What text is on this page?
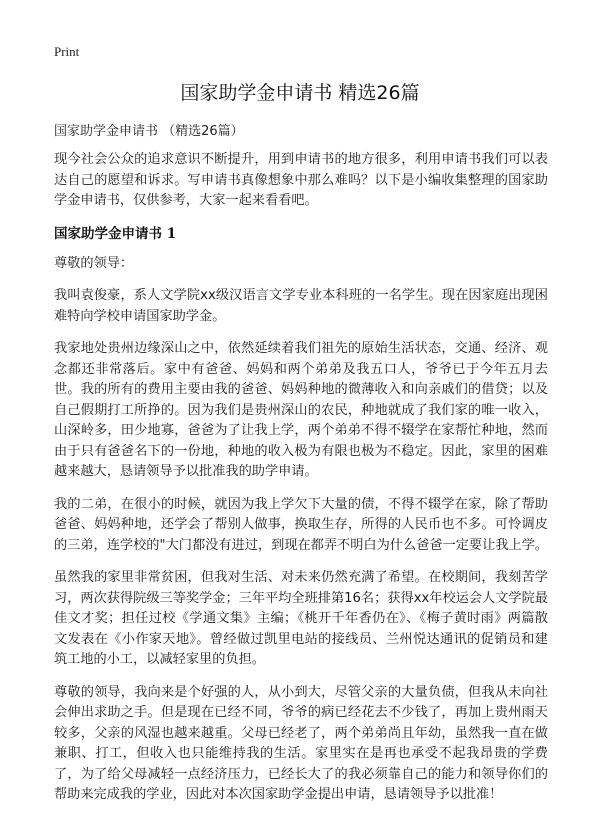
Print
国家助学金申请书 精选26篇
国家助学金申请书 （精选26篇）

现今社会公众的追求意识不断提升，用到申请书的地方很多，利用申请书我们可以表达自己的愿望和诉求。写申请书真像想象中那么难吗？以下是小编收集整理的国家助学金申请书，仅供参考，大家一起来看看吧。

国家助学金申请书 1

尊敬的领导：

我叫袁俊豪，系人文学院xx级汉语言文学专业本科班的一名学生。现在因家庭出现困难特向学校申请国家助学金。

我家地处贵州边缘深山之中，依然延续着我们祖先的原始生活状态，交通、经济、观念都还非常落后。家中有爸爸、妈妈和两个弟弟及我五口人，爷爷已于今年五月去世。我的所有的费用主要由我的爸爸、妈妈种地的微薄收入和向亲戚们的借贷；以及自己假期打工所挣的。因为我们是贵州深山的农民，种地就成了我们家的唯一收入，山深岭多，田少地寡，爸爸为了让我上学，两个弟弟不得不辍学在家帮忙种地，然而由于只有爸爸名下的一份地，种地的收入极为有限也极为不稳定。因此，家里的困难越来越大，恳请领导予以批准我的助学申请。

我的二弟，在很小的时候，就因为我上学欠下大量的债，不得不辍学在家，除了帮助爸爸、妈妈种地，还学会了帮别人做事，换取生存，所得的人民币也不多。可怜调皮的三弟，连学校的"大门都没有进过，到现在都弄不明白为什么爸爸一定要让我上学。

虽然我的家里非常贫困，但我对生活、对未来仍然充满了希望。在校期间，我刻苦学习，两次获得院级三等奖学金；三年平均全班排第16名；获得xx年校运会人文学院最佳文才奖；担任过校《学通文集》主编；《桃开千年香仍在》、《梅子黄时雨》两篇散文发表在《小作家天地》。曾经做过凯里电站的接线员、兰州悦达通讯的促销员和建筑工地的小工，以减轻家里的负担。

尊敬的领导，我向来是个好强的人，从小到大，尽管父亲的大量负债，但我从未向社会伸出求助之手。但是现在已经不同，爷爷的病已经花去不少钱了，再加上贵州雨天较多，父亲的风湿也越来越重。父母已经老了，两个弟弟尚且年幼，虽然我一直在做兼职、打工，但收入也只能维持我的生活。家里实在是再也承受不起我昂贵的学费了，为了给父母减轻一点经济压力，已经长大了的我必须靠自己的能力和领导你们的帮助来完成我的学业，因此对本次国家助学金提出申请，恳请领导予以批准！
